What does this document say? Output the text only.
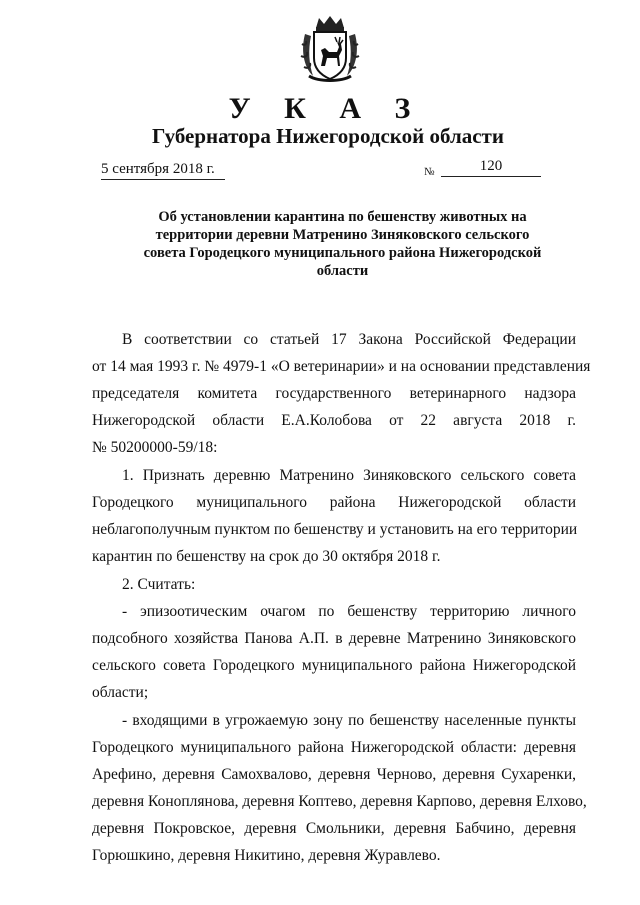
У К А З
Губернатора Нижегородской области
5 сентября 2018 г.	№	120
Об установлении карантина по бешенству животных на
территории деревни Матренино Зиняковского сельского
совета Городецкого муниципального района Нижегородской
области
В соответствии со статьей 17 Закона Российской Федерации
от 14 мая 1993 г. № 4979-1 «О ветеринарии» и на основании представления
председателя комитета государственного ветеринарного надзора
Нижегородской области Е.А.Колобова от 22 августа 2018 г.
№ 50200000-59/18:
1. Признать деревню Матренино Зиняковского сельского совета
Городецкого муниципального района Нижегородской области
неблагополучным пунктом по бешенству и установить на его территории
карантин по бешенству на срок до 30 октября 2018 г.
2. Считать:
- эпизоотическим очагом по бешенству территорию личного
подсобного хозяйства Панова А.П. в деревне Матренино Зиняковского
сельского совета Городецкого муниципального района Нижегородской
области;
- входящими в угрожаемую зону по бешенству населенные пункты
Городецкого муниципального района Нижегородской области: деревня
Арефино, деревня Самохвалово, деревня Черново, деревня Сухаренки,
деревня Коноплянова, деревня Коптево, деревня Карпово, деревня Елхово,
деревня Покровское, деревня Смольники, деревня Бабчино, деревня
Горюшкино, деревня Никитино, деревня Журавлево.
